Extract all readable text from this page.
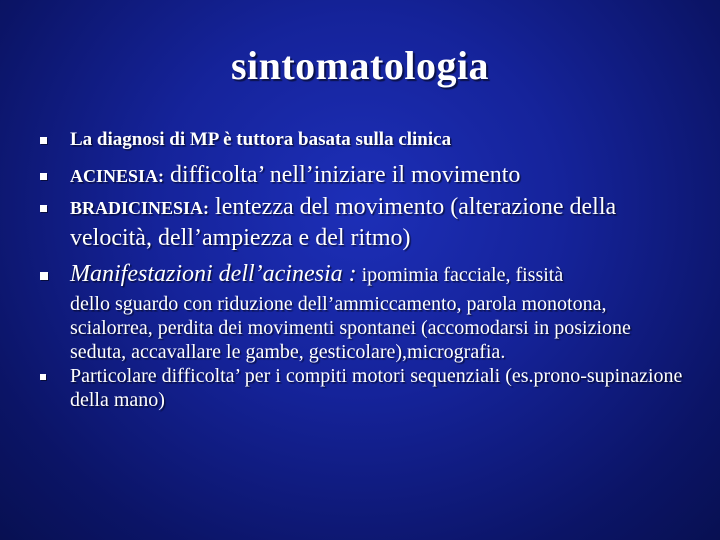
sintomatologia
La diagnosi di MP è tuttora basata sulla clinica
ACINESIA: difficolta’ nell’iniziare il movimento
BRADICINESIA: lentezza del movimento (alterazione della velocità, dell’ampiezza e del ritmo)
Manifestazioni dell’acinesia : ipomimia facciale, fissità
dello sguardo con riduzione dell’ammiccamento, parola monotona, scialorrea, perdita dei movimenti spontanei (accomodarsi in posizione seduta, accavallare le gambe, gesticolare),micrografia.
Particolare difficolta’ per i compiti motori sequenziali (es.prono-supinazione della mano)
